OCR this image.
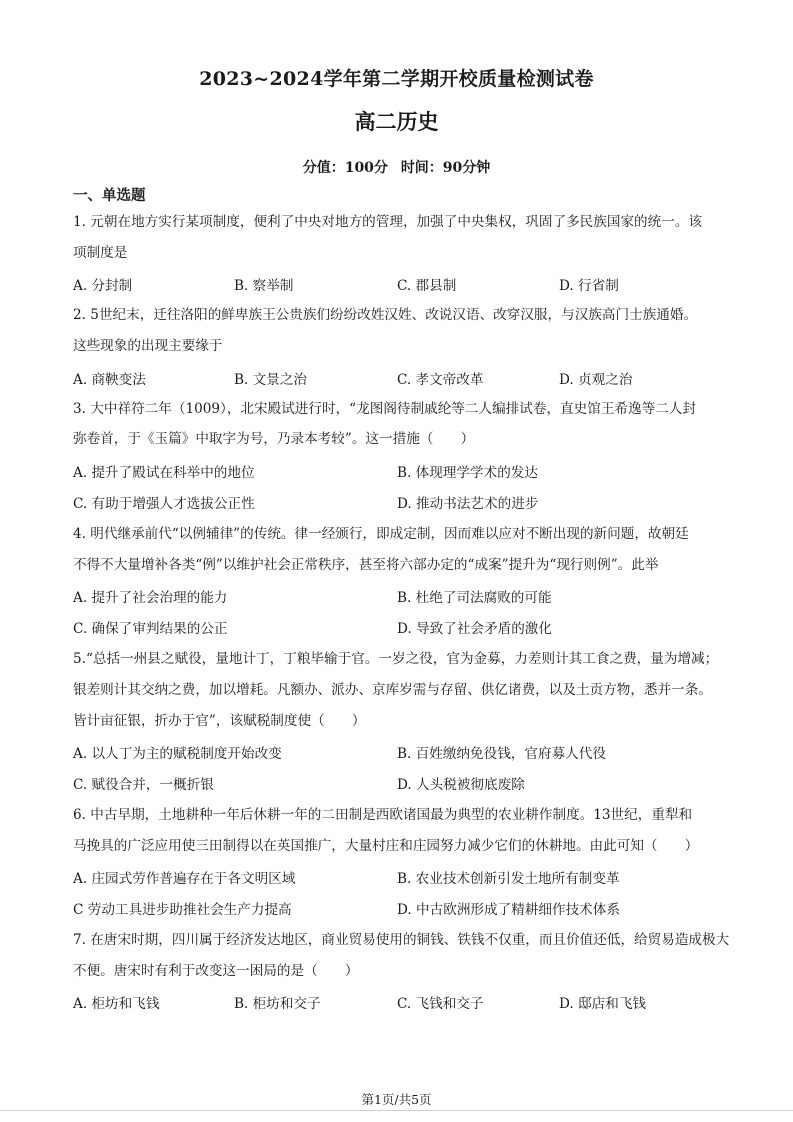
2023~2024学年第二学期开校质量检测试卷
高二历史
分值：100分 时间：90分钟
一、单选题
1. 元朝在地方实行某项制度，便利了中央对地方的管理，加强了中央集权，巩固了多民族国家的统一。该
项制度是
A. 分封制	B. 察举制	C. 郡县制	D. 行省制
2. 5世纪末，迁往洛阳的鲜卑族王公贵族们纷纷改姓汉姓、改说汉语、改穿汉服，与汉族高门士族通婚。
这些现象的出现主要缘于
A. 商鞅变法	B. 文景之治	C. 孝文帝改革	D. 贞观之治
3. 大中祥符二年（1009），北宋殿试进行时，“龙图阁待制戚纶等二人编排试卷，直史馆王希逸等二人封
弥卷首，于《玉篇》中取字为号，乃录本考较”。这一措施（　　）
A. 提升了殿试在科举中的地位	B. 体现理学学术的发达
C. 有助于增强人才选拔公正性	D. 推动书法艺术的进步
4. 明代继承前代“以例辅律”的传统。律一经颁行，即成定制，因而难以应对不断出现的新问题，故朝廷
不得不大量增补各类“例”以维护社会正常秩序，甚至将六部办定的“成案”提升为“现行则例”。此举
A. 提升了社会治理的能力	B. 杜绝了司法腐败的可能
C. 确保了审判结果的公正	D. 导致了社会矛盾的激化
5.“总括一州县之赋役，量地计丁，丁粮毕输于官。一岁之役，官为金募，力差则计其工食之费，量为增减；
银差则计其交纳之费，加以增耗。凡额办、派办、京库岁需与存留、供亿诸费，以及土贡方物，悉并一条。
皆计亩征银，折办于官”，该赋税制度使（　　）
A. 以人丁为主的赋税制度开始改变	B. 百姓缴纳免役钱，官府募人代役
C. 赋役合并，一概折银	D. 人头税被彻底废除
6. 中古早期，土地耕种一年后休耕一年的二田制是西欧诸国最为典型的农业耕作制度。13世纪，重犁和
马挽具的广泛应用使三田制得以在英国推广，大量村庄和庄园努力减少它们的休耕地。由此可知（　　）
A. 庄园式劳作普遍存在于各文明区域	B. 农业技术创新引发土地所有制变革
C 劳动工具进步助推社会生产力提高	D. 中古欧洲形成了精耕细作技术体系
7. 在唐宋时期，四川属于经济发达地区，商业贸易使用的铜钱、铁钱不仅重，而且价值还低，给贸易造成极大
不便。唐宋时有利于改变这一困局的是（　　）
A. 柜坊和飞钱	B. 柜坊和交子	C. 飞钱和交子	D. 邸店和飞钱
第1页/共5页
